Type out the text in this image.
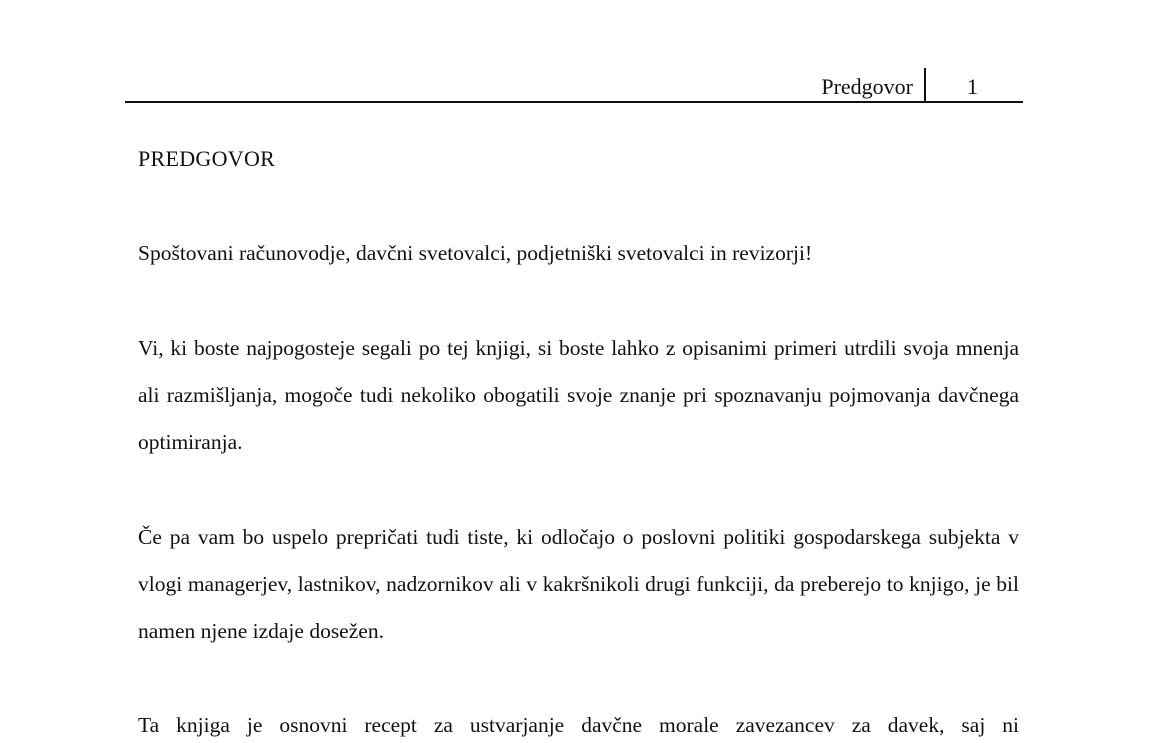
Predgovor 1
PREDGOVOR

Spoštovani računovodje, davčni svetovalci, podjetniški svetovalci in revizorji!

Vi, ki boste najpogosteje segali po tej knjigi, si boste lahko z opisanimi primeri utrdili svoja mnenja ali razmišljanja, mogoče tudi nekoliko obogatili svoje znanje pri spoznavanju pojmovanja davčnega optimiranja.

Če pa vam bo uspelo prepričati tudi tiste, ki odločajo o poslovni politiki gospodarskega subjekta v vlogi managerjev, lastnikov, nadzornikov ali v kakršnikoli drugi funkciji, da preberejo to knjigo, je bil namen njene izdaje dosežen.

Ta knjiga je osnovni recept za ustvarjanje davčne morale zavezancev za davek, saj ni
